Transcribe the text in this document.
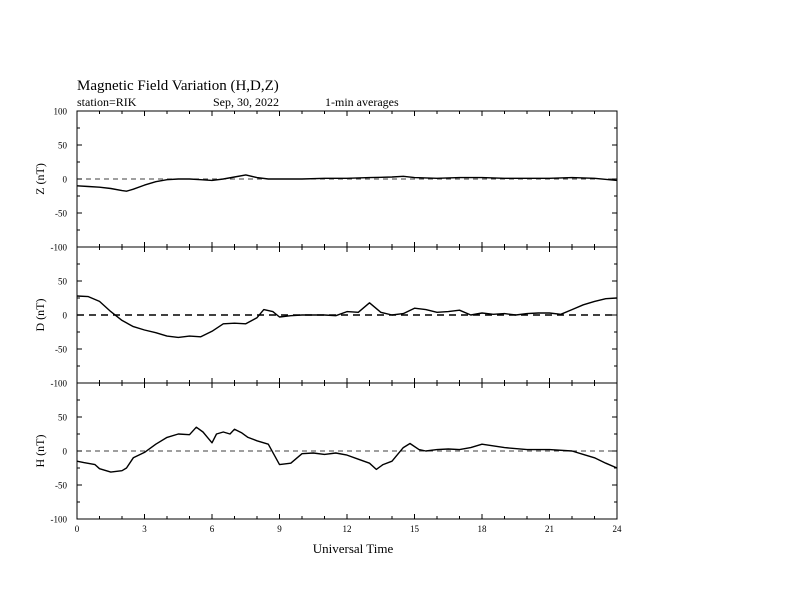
Magnetic Field Variation (H,D,Z)
station=RIK	Sep, 30, 2022	1-min averages
Universal Time
100
50
0
-50
-100
Z (nT)
50
0
-50
-100
D (nT)
50
0
-50
-100
H (nT)
0	3	6	9	12	15	18	21	24
